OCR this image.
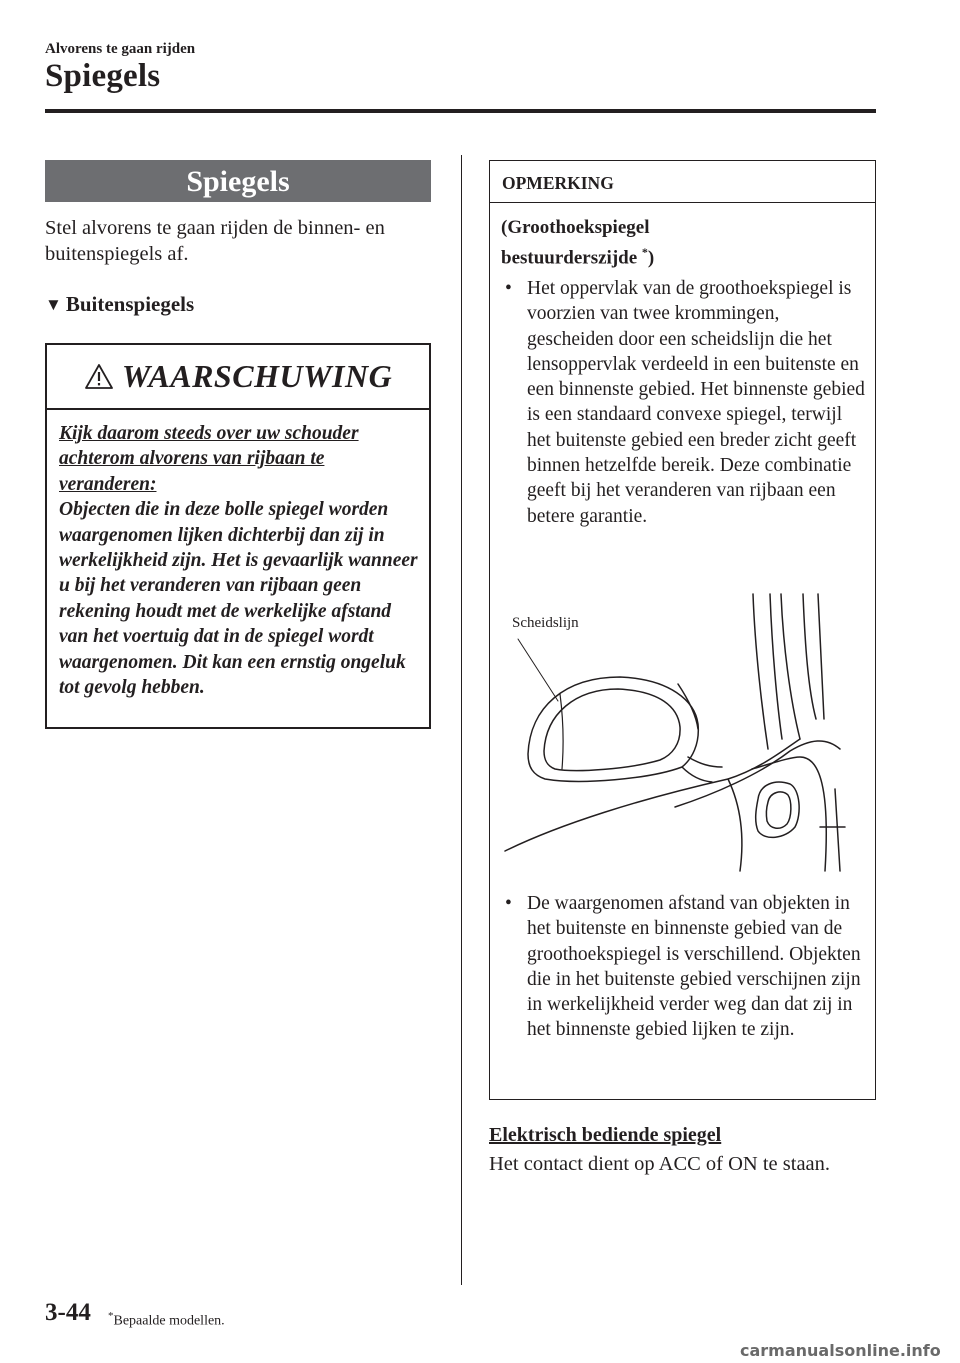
Alvorens te gaan rijden
Spiegels
Spiegels
Stel alvorens te gaan rijden de binnen- en buitenspiegels af.
▼ Buitenspiegels
WAARSCHUWING
Kijk daarom steeds over uw schouder achterom alvorens van rijbaan te veranderen:
Objecten die in deze bolle spiegel worden waargenomen lijken dichterbij dan zij in werkelijkheid zijn. Het is gevaarlijk wanneer u bij het veranderen van rijbaan geen rekening houdt met de werkelijke afstand van het voertuig dat in de spiegel wordt waargenomen. Dit kan een ernstig ongeluk tot gevolg hebben.
OPMERKING
(Groothoekspiegel
bestuurderszijde *)
• Het oppervlak van de groothoekspiegel is voorzien van twee krommingen, gescheiden door een scheidslijn die het lensoppervlak verdeeld in een buitenste en een binnenste gebied. Het binnenste gebied is een standaard convexe spiegel, terwijl het buitenste gebied een breder zicht geeft binnen hetzelfde bereik. Deze combinatie geeft bij het veranderen van rijbaan een betere garantie.
Scheidslijn
• De waargenomen afstand van objekten in het buitenste en binnenste gebied van de groothoekspiegel is verschillend. Objekten die in het buitenste gebied verschijnen zijn in werkelijkheid verder weg dan dat zij in het binnenste gebied lijken te zijn.
Elektrisch bediende spiegel
Het contact dient op ACC of ON te staan.
3-44 *Bepaalde modellen.
carmanualsonline.info
